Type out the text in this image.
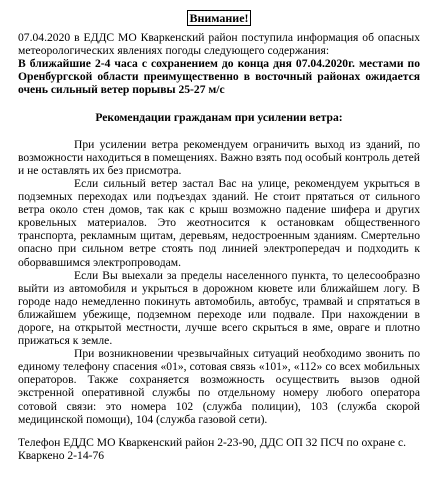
Внимание!

07.04.2020 в ЕДДС МО Кваркенский район поступила информация об опасных метеорологических явлениях погоды следующего содержания:

В ближайшие 2-4 часа с сохранением до конца дня 07.04.2020г. местами по Оренбургской области преимущественно в восточный районах ожидается очень сильный ветер порывы 25-27 м/с

Рекомендации гражданам при усилении ветра:

При усилении ветра рекомендуем ограничить выход из зданий, по возможности находиться в помещениях. Важно взять под особый контроль детей и не оставлять их без присмотра.

Если сильный ветер застал Вас на улице, рекомендуем укрыться в подземных переходах или подъездах зданий. Не стоит прятаться от сильного ветра около стен домов, так как с крыш возможно падение шифера и других кровельных материалов. Это жеотносится к остановкам общественного транспорта, рекламным щитам, деревьям, недостроенным зданиям. Смертельно опасно при сильном ветре стоять под линией электропередач и подходить к оборвавшимся электропроводам.

Если Вы выехали за пределы населенного пункта, то целесообразно выйти из автомобиля и укрыться в дорожном кювете или ближайшем логу. В городе надо немедленно покинуть автомобиль, автобус, трамвай и спрятаться в ближайшем убежище, подземном переходе или подвале. При нахождении в дороге, на открытой местности, лучше всего скрыться в яме, овраге и плотно прижаться к земле.

При возникновении чрезвычайных ситуаций необходимо звонить по единому телефону спасения «01», сотовая связь «101», «112» со всех мобильных операторов. Также сохраняется возможность осуществить вызов одной экстренной оперативной службы по отдельному номеру любого оператора сотовой связи: это номера 102 (служба полиции), 103 (служба скорой медицинской помощи), 104 (служба газовой сети).

Телефон ЕДДС МО Кваркенский район 2-23-90, ДДС ОП 32 ПСЧ по охране с. Кваркено 2-14-76
